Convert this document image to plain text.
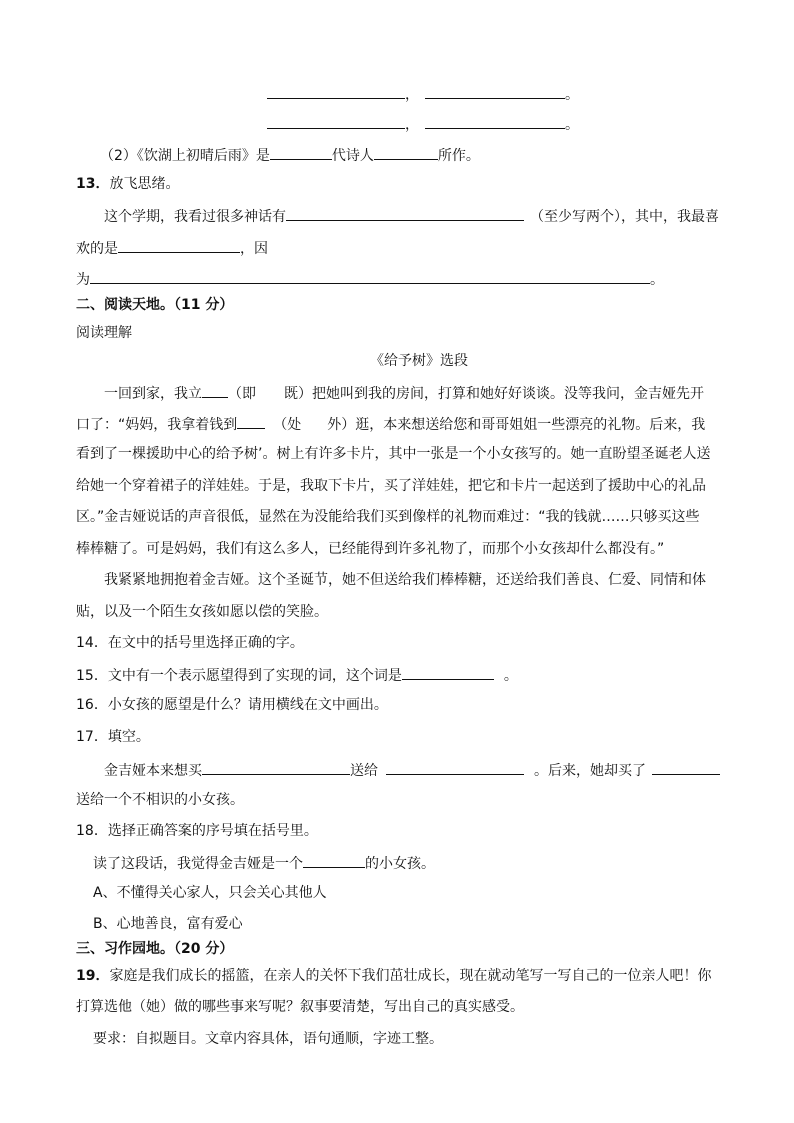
，	。
，	。
（2）《饮湖上初晴后雨》是	代诗人	所作。
13．放飞思绪。
这个学期，我看过很多神话有	（至少写两个），其中，我最喜
欢的是	，因
为	。
二、阅读天地。（11 分）
阅读理解
《给予树》选段
一回到家，我立 （即 既）把她叫到我的房间，打算和她好好谈谈。没等我问，金吉娅先开
口了：“妈妈，我拿着钱到	（处 外）逛，本来想送给您和哥哥姐姐一些漂亮的礼物。后来，我
看到了一棵援助中心的给予树’。树上有许多卡片，其中一张是一个小女孩写的。她一直盼望圣诞老人送
给她一个穿着裙子的洋娃娃。于是，我取下卡片，买了洋娃娃，把它和卡片一起送到了援助中心的礼品
区。”金吉娅说话的声音很低，显然在为没能给我们买到像样的礼物而难过：“我的钱就……只够买这些
棒棒糖了。可是妈妈，我们有这么多人，已经能得到许多礼物了，而那个小女孩却什么都没有。”
我紧紧地拥抱着金吉娅。这个圣诞节，她不但送给我们棒棒糖，还送给我们善良、仁爱、同情和体
贴，以及一个陌生女孩如愿以偿的笑脸。
14．在文中的括号里选择正确的字。
15．文中有一个表示愿望得到了实现的词，这个词是	。
16．小女孩的愿望是什么？请用横线在文中画出。
17．填空。
金吉娅本来想买	送给	。后来，她却买了
送给一个不相识的小女孩。
18．选择正确答案的序号填在括号里。
读了这段话，我觉得金吉娅是一个	的小女孩。
A、不懂得关心家人，只会关心其他人
B、心地善良，富有爱心
三、习作园地。（20 分）
19．家庭是我们成长的摇篮，在亲人的关怀下我们茁壮成长，现在就动笔写一写自己的一位亲人吧！你
打算选他（她）做的哪些事来写呢？叙事要清楚，写出自己的真实感受。
要求：自拟题目。文章内容具体，语句通顺，字迹工整。
